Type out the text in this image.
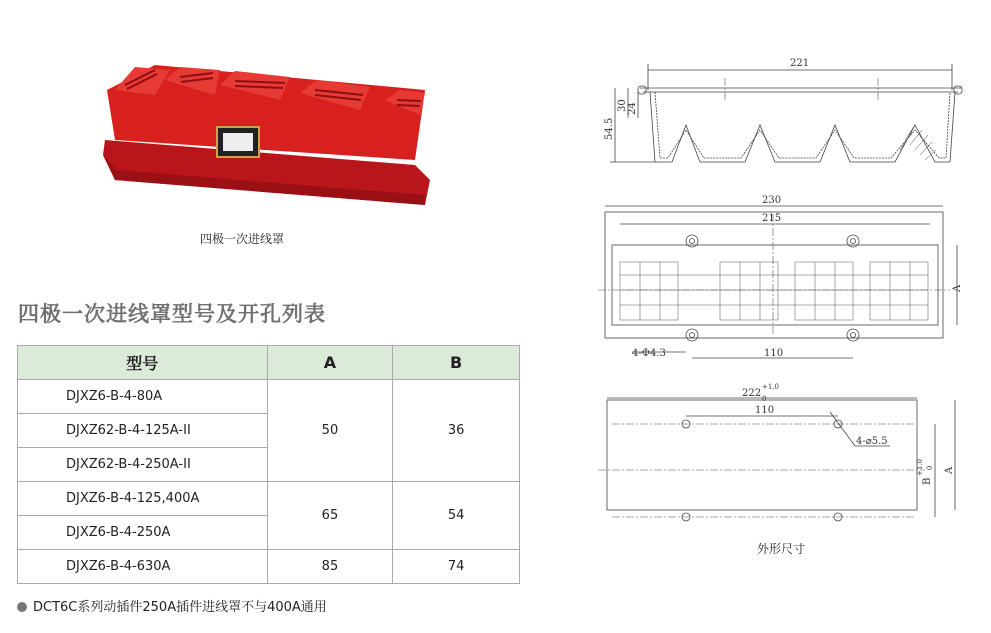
四极一次进线罩
四极一次进线罩型号及开孔列表
型号	A	B
DJXZ6-B-4-80A	50	36
DJXZ62-B-4-125A-II		
DJXZ62-B-4-250A-II		
DJXZ6-B-4-125,400A	65	54
DJXZ6-B-4-250A		
DJXZ6-B-4-630A	85	74
DCT6C系列动插件250A插件进线罩不与400A通用
221
54.5
30 24
230
215
A
4-Φ4.3	110
222
+1.0
0
110
4-⌀5.5
B
+1.0 0 A
外形尺寸
